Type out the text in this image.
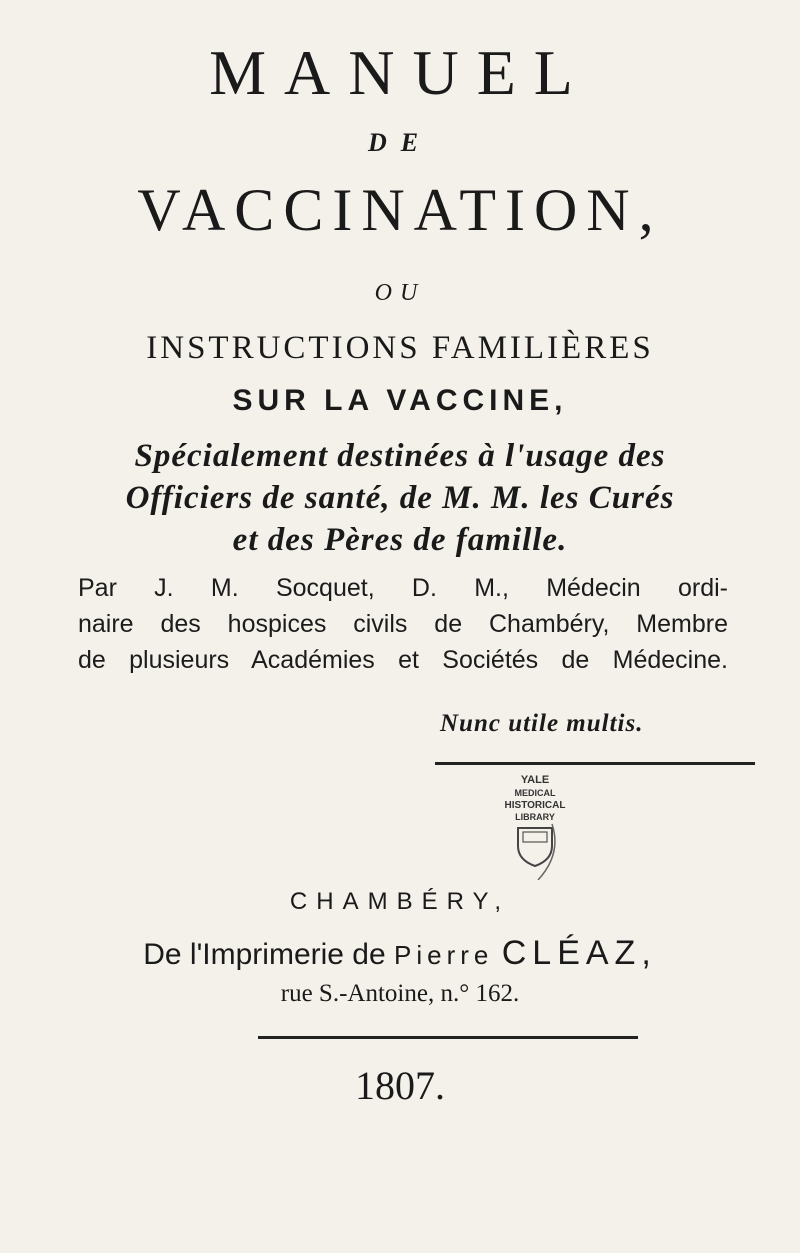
MANUEL
DE
VACCINATION,
OU
INSTRUCTIONS FAMILIÈRES
SUR LA VACCINE,
Spécialement destinées à l'usage des
Officiers de santé, de M. M. les Curés
et des Pères de famille.
Par J. M. Socquet, D. M., Médecin ordi-
naire des hospices civils de Chambéry, Membre
de plusieurs Académies et Sociétés de Médecine.
Nunc utile multis.
YALE
MEDICAL
HISTORICAL
LIBRARY
CHAMBÉRY,
De l'Imprimerie de Pierre CLÉAZ,
rue S.-Antoine, n.° 162.
1807.
